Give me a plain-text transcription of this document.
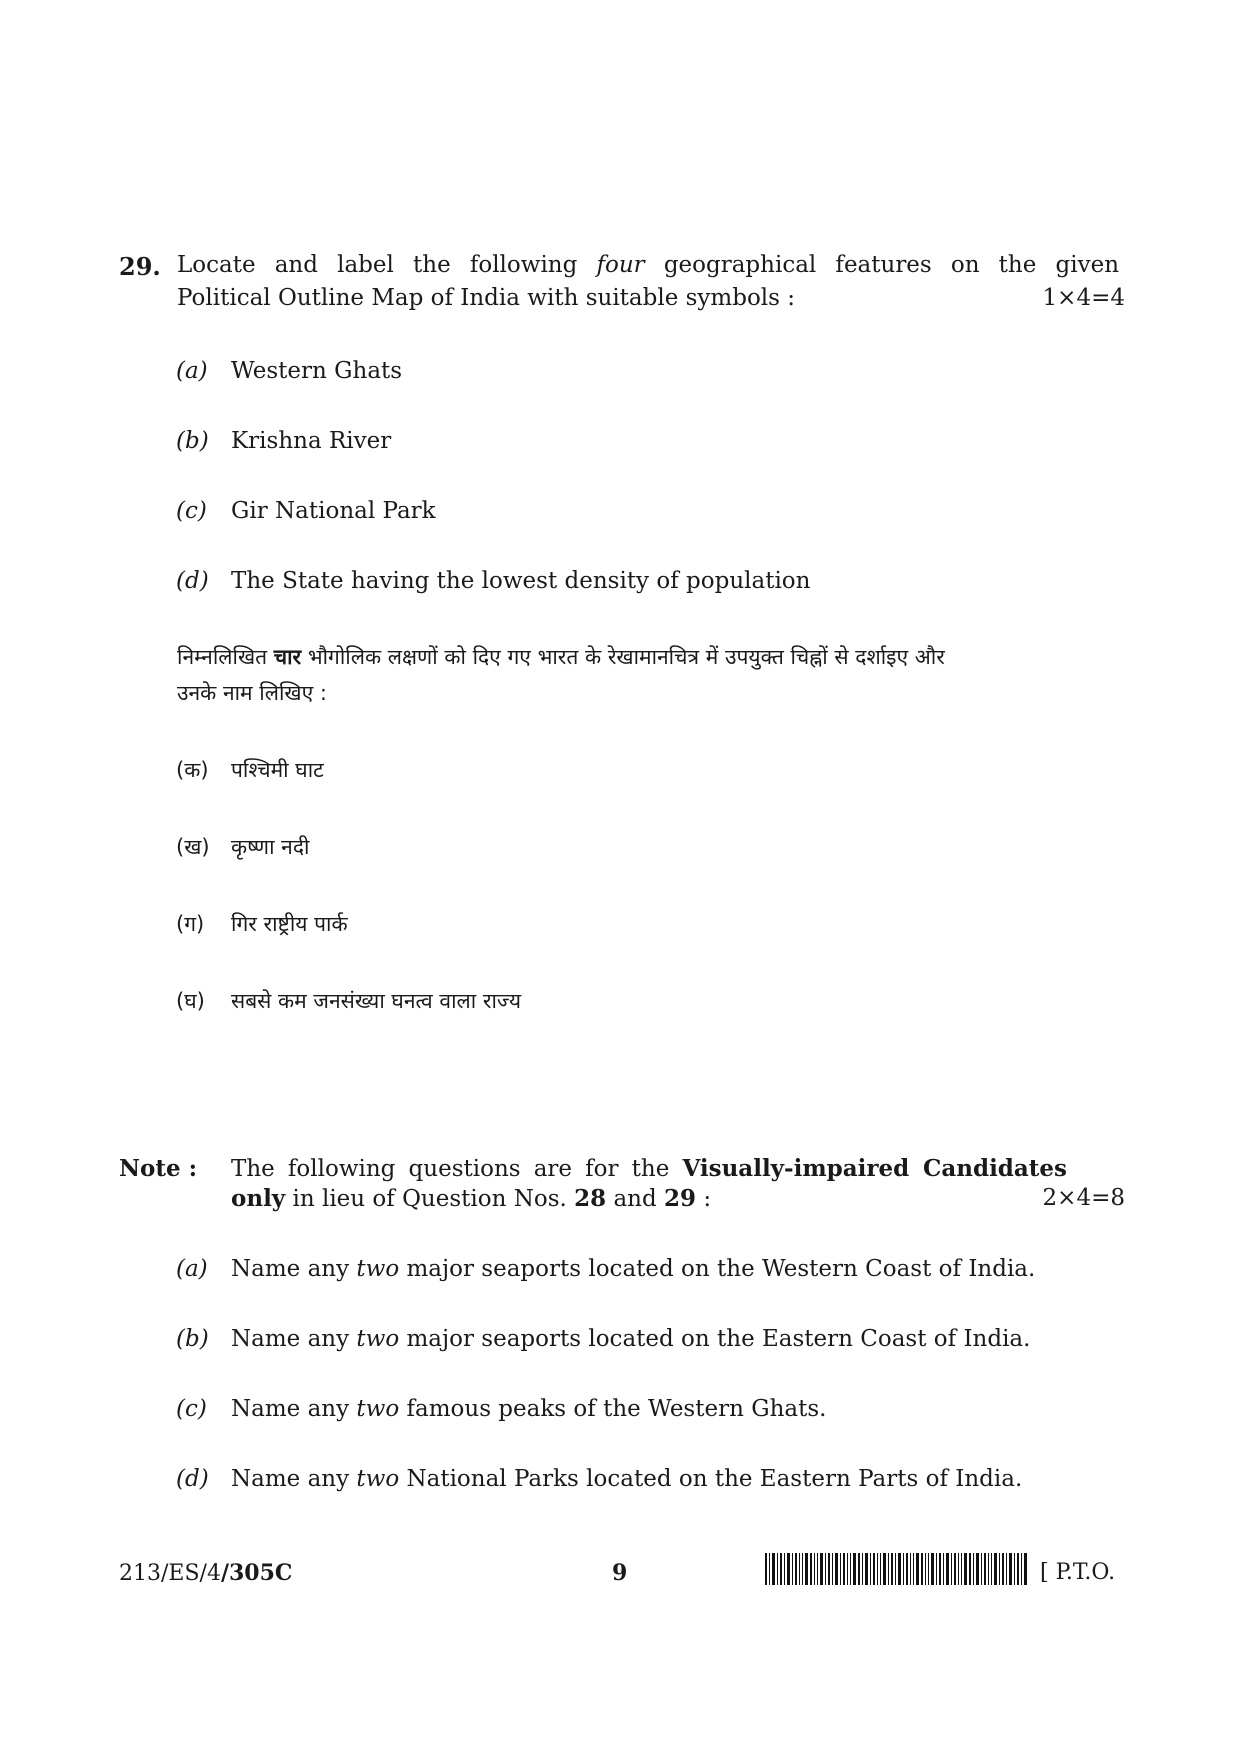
29. Locate and label the following four geographical features on the given
Political Outline Map of India with suitable symbols :	1×4=4
(a) Western Ghats
(b) Krishna River
(c) Gir National Park
(d) The State having the lowest density of population
निम्नलिखित चार भौगोलिक लक्षणों को दिए गए भारत के रेखामानचित्र में उपयुक्त चिह्नों से दर्शाइए और
उनके नाम लिखिए :
(क) पश्चिमी घाट
(ख) कृष्णा नदी
(ग) गिर राष्ट्रीय पार्क
(घ) सबसे कम जनसंख्या घनत्व वाला राज्य
Note : The following questions are for the Visually-impaired Candidates
only in lieu of Question Nos. 28 and 29 :	2×4=8
(a) Name any two major seaports located on the Western Coast of India.
(b) Name any two major seaports located on the Eastern Coast of India.
(c) Name any two famous peaks of the Western Ghats.
(d) Name any two National Parks located on the Eastern Parts of India.
213/ES/4/305C	9	[ P.T.O.
